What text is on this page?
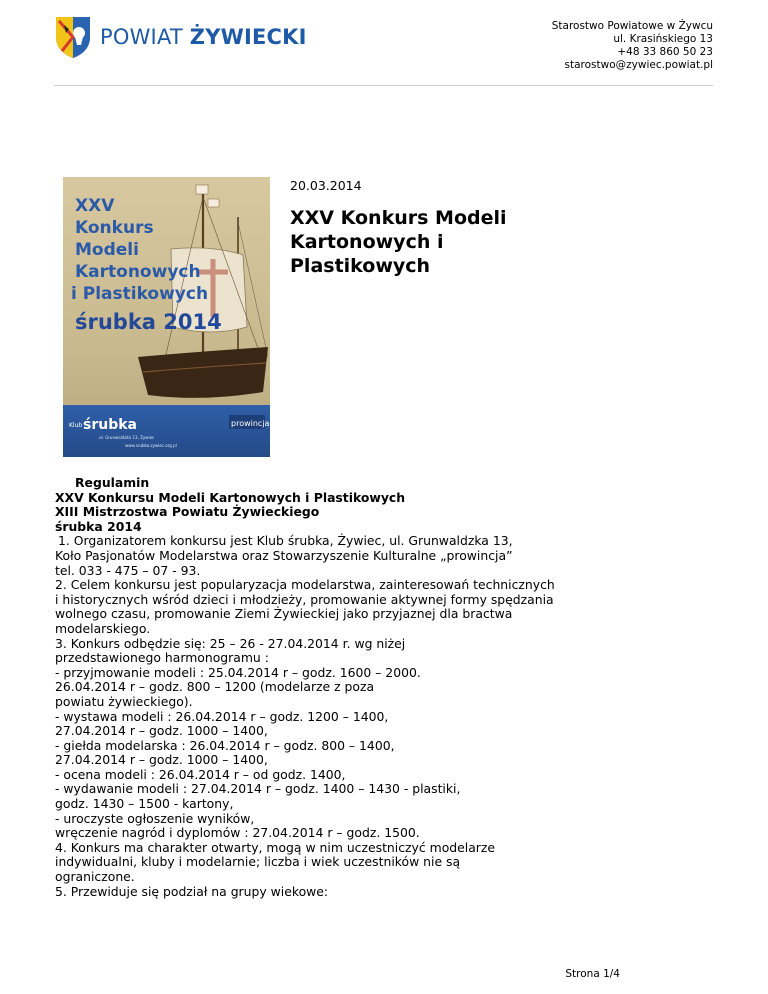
POWIAT ŻYWIECKI	Starostwo Powiatowe w Żywcu
ul. Krasińskiego 13
+48 33 860 50 23
starostwo@zywiec.powiat.pl
XXV
Konkurs
Modeli
Kartonowych
i Plastikowych
śrubka 2014
Klub śrubka	prowincja
ul. Grunwaldzka 13, Żywiec
www.srubka.zywiec.org.pl
20.03.2014
XXV Konkurs Modeli Kartonowych i Plastikowych
Regulamin
XXV Konkursu Modeli Kartonowych i Plastikowych
XIII Mistrzostwa Powiatu Żywieckiego
śrubka 2014
1. Organizatorem konkursu jest Klub śrubka, Żywiec, ul. Grunwaldzka 13,
Koło Pasjonatów Modelarstwa oraz Stowarzyszenie Kulturalne „prowincja”
tel. 033 - 475 – 07 - 93.
2. Celem konkursu jest popularyzacja modelarstwa, zainteresowań technicznych
i historycznych wśród dzieci i młodzieży, promowanie aktywnej formy spędzania
wolnego czasu, promowanie Ziemi Żywieckiej jako przyjaznej dla bractwa
modelarskiego.
3. Konkurs odbędzie się: 25 – 26 - 27.04.2014 r. wg niżej
przedstawionego harmonogramu :
- przyjmowanie modeli : 25.04.2014 r – godz. 1600 – 2000.
26.04.2014 r – godz. 800 – 1200 (modelarze z poza
powiatu żywieckiego).
- wystawa modeli : 26.04.2014 r – godz. 1200 – 1400,
27.04.2014 r – godz. 1000 – 1400,
- giełda modelarska : 26.04.2014 r – godz. 800 – 1400,
27.04.2014 r – godz. 1000 – 1400,
- ocena modeli : 26.04.2014 r – od godz. 1400,
- wydawanie modeli : 27.04.2014 r – godz. 1400 – 1430 - plastiki,
godz. 1430 – 1500 - kartony,
- uroczyste ogłoszenie wyników,
wręczenie nagród i dyplomów : 27.04.2014 r – godz. 1500.
4. Konkurs ma charakter otwarty, mogą w nim uczestniczyć modelarze
indywidualni, kluby i modelarnie; liczba i wiek uczestników nie są
ograniczone.
5. Przewiduje się podział na grupy wiekowe:
Strona 1/4
